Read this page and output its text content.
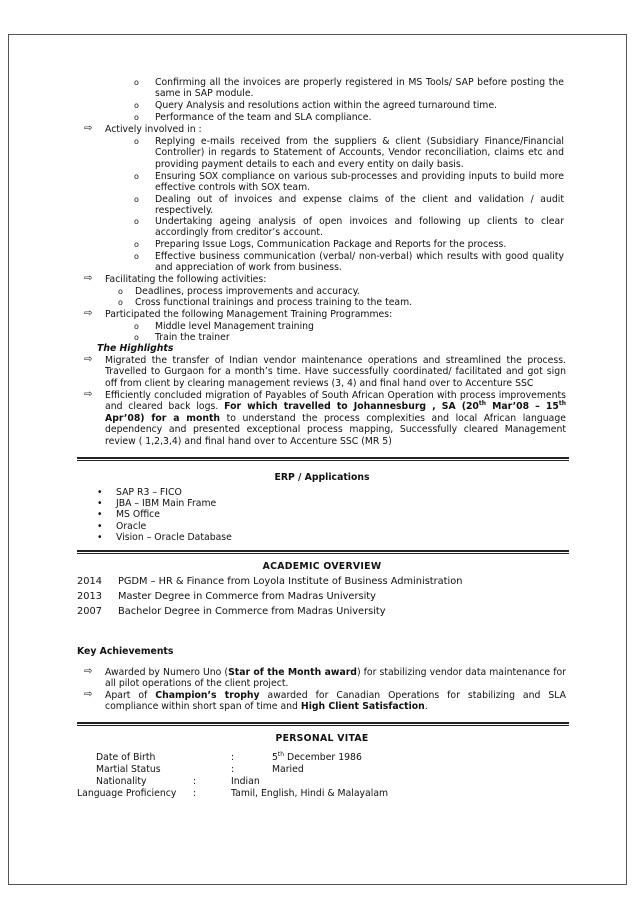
o Confirming all the invoices are properly registered in MS Tools/ SAP before posting the same in SAP module.
o Query Analysis and resolutions action within the agreed turnaround time.
o Performance of the team and SLA compliance.
⇨ Actively involved in :
o Replying e-mails received from the suppliers & client (Subsidiary Finance/Financial Controller) in regards to Statement of Accounts, Vendor reconciliation, claims etc and providing payment details to each and every entity on daily basis.
o Ensuring SOX compliance on various sub-processes and providing inputs to build more effective controls with SOX team.
o Dealing out of invoices and expense claims of the client and validation / audit respectively.
o Undertaking ageing analysis of open invoices and following up clients to clear accordingly from creditor’s account.
o Preparing Issue Logs, Communication Package and Reports for the process.
o Effective business communication (verbal/ non-verbal) which results with good quality and appreciation of work from business.
⇨ Facilitating the following activities:
o Deadlines, process improvements and accuracy.
o Cross functional trainings and process training to the team.
⇨ Participated the following Management Training Programmes:
o Middle level Management training
o Train the trainer
The Highlights
⇨ Migrated the transfer of Indian vendor maintenance operations and streamlined the process. Travelled to Gurgaon for a month’s time. Have successfully coordinated/ facilitated and got sign off from client by clearing management reviews (3, 4) and final hand over to Accenture SSC
⇨ Efficiently concluded migration of Payables of South African Operation with process improvements and cleared back logs. For which travelled to Johannesburg , SA (20th Mar’08 – 15th Apr’08) for a month to understand the process complexities and local African language dependency and presented exceptional process mapping, Successfully cleared Management review ( 1,2,3,4) and final hand over to Accenture SSC (MR 5)
ERP / Applications
• SAP R3 – FICO
• JBA – IBM Main Frame
• MS Office
• Oracle
• Vision – Oracle Database
ACADEMIC OVERVIEW
2014 PGDM – HR & Finance from Loyola Institute of Business Administration
2013 Master Degree in Commerce from Madras University
2007 Bachelor Degree in Commerce from Madras University
Key Achievements
⇨ Awarded by Numero Uno (Star of the Month award) for stabilizing vendor data maintenance for all pilot operations of the client project.
⇨ Apart of Champion’s trophy awarded for Canadian Operations for stabilizing and SLA compliance within short span of time and High Client Satisfaction.
PERSONAL VITAE
Date of Birth	:	5th December 1986
Martial Status	:	Maried
Nationality	:	Indian
Language Proficiency :	Tamil, English, Hindi & Malayalam
